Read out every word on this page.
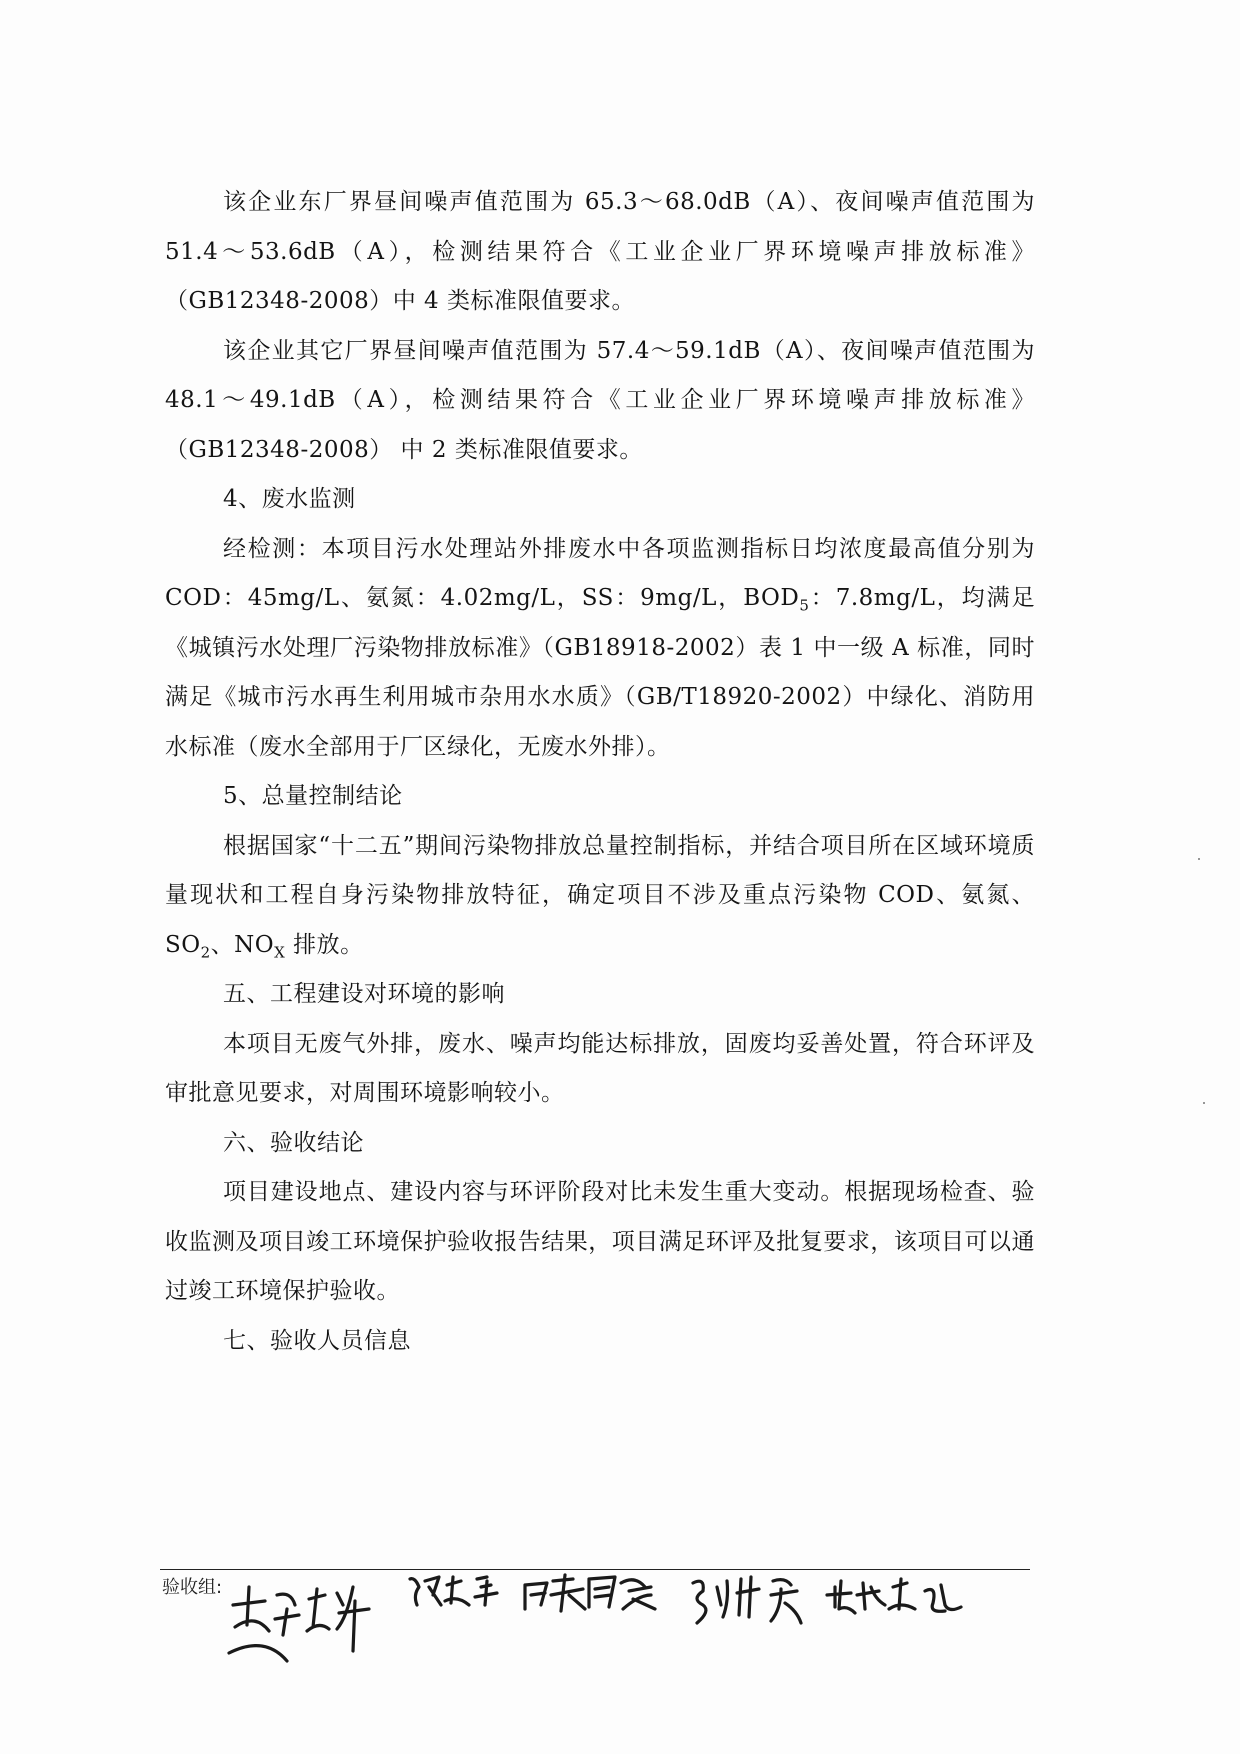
该企业东厂界昼间噪声值范围为 65.3～68.0dB（A）、夜间噪声值范围为 51.4～53.6dB（A），检测结果符合《工业企业厂界环境噪声排放标准》（GB12348-2008）中 4 类标准限值要求。

该企业其它厂界昼间噪声值范围为 57.4～59.1dB（A）、夜间噪声值范围为 48.1～49.1dB（A），检测结果符合《工业企业厂界环境噪声排放标准》（GB12348-2008） 中 2 类标准限值要求。

4、废水监测

经检测：本项目污水处理站外排废水中各项监测指标日均浓度最高值分别为 COD：45mg/L、氨氮：4.02mg/L，SS：9mg/L，$BOD_5$：7.8mg/L，均满足《城镇污水处理厂污染物排放标准》（GB18918-2002）表 1 中一级 A 标准，同时满足《城市污水再生利用城市杂用水水质》（GB/T18920-2002）中绿化、消防用水标准（废水全部用于厂区绿化，无废水外排）。

5、总量控制结论

根据国家“十二五”期间污染物排放总量控制指标，并结合项目所在区域环境质量现状和工程自身污染物排放特征，确定项目不涉及重点污染物 COD、氨氮、$SO_2$、$NO_X$ 排放。

五、工程建设对环境的影响

本项目无废气外排，废水、噪声均能达标排放，固废均妥善处置，符合环评及审批意见要求，对周围环境影响较小。

六、验收结论

项目建设地点、建设内容与环评阶段对比未发生重大变动。根据现场检查、验收监测及项目竣工环境保护验收报告结果，项目满足环评及批复要求，该项目可以通过竣工环境保护验收。

七、验收人员信息

验收组:
